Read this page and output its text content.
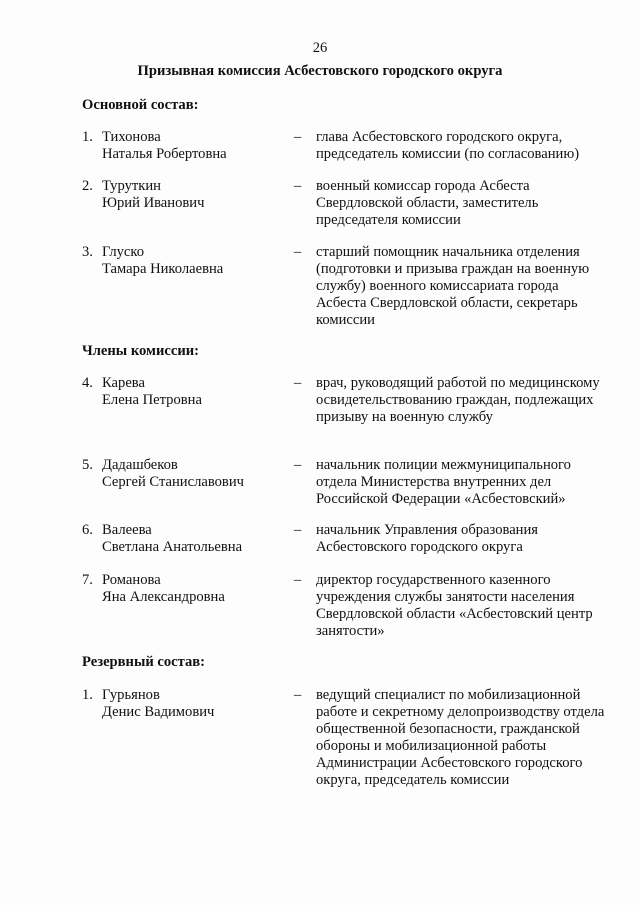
26
Призывная комиссия Асбестовского городского округа
Основной состав:
1. Тихонова
Наталья Робертовна
– глава Асбестовского городского округа, председатель комиссии (по согласованию)
2. Туруткин
Юрий Иванович
– военный комиссар города Асбеста Свердловской области, заместитель председателя комиссии
3. Глуско
Тамара Николаевна
– старший помощник начальника отделения (подготовки и призыва граждан на военную службу) военного комиссариата города Асбеста Свердловской области, секретарь комиссии
Члены комиссии:
4. Карева
Елена Петровна
– врач, руководящий работой по медицинскому освидетельствованию граждан, подлежащих призыву на военную службу
5. Дадашбеков
Сергей Станиславович
– начальник полиции межмуниципального отдела Министерства внутренних дел Российской Федерации «Асбестовский»
6. Валеева
Светлана Анатольевна
– начальник Управления образования Асбестовского городского округа
7. Романова
Яна Александровна
– директор государственного казенного учреждения службы занятости населения Свердловской области «Асбестовский центр занятости»
Резервный состав:
1. Гурьянов
Денис Вадимович
– ведущий специалист по мобилизационной работе и секретному делопроизводству отдела общественной безопасности, гражданской обороны и мобилизационной работы Администрации Асбестовского городского округа, председатель комиссии
